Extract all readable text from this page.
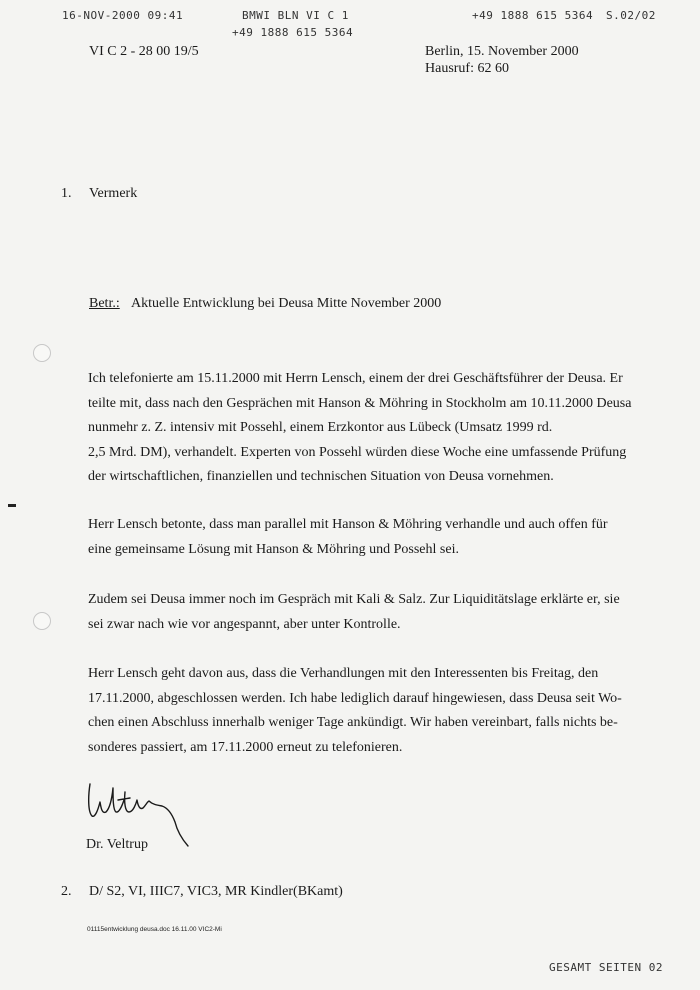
16-NOV-2000 09:41	BMWI BLN VI C 1	+49 1888 615 5364 S.02/02
+49 1888 615 5364
VI C 2 - 28 00 19/5	Berlin, 15. November 2000
Hausruf: 62 60
1. Vermerk
Betr.: Aktuelle Entwicklung bei Deusa Mitte November 2000
Ich telefonierte am 15.11.2000 mit Herrn Lensch, einem der drei Geschäftsführer der Deusa. Er
teilte mit, dass nach den Gesprächen mit Hanson & Möhring in Stockholm am 10.11.2000 Deusa
nunmehr z. Z. intensiv mit Possehl, einem Erzkontor aus Lübeck (Umsatz 1999 rd.
2,5 Mrd. DM), verhandelt. Experten von Possehl würden diese Woche eine umfassende Prüfung
der wirtschaftlichen, finanziellen und technischen Situation von Deusa vornehmen.
Herr Lensch betonte, dass man parallel mit Hanson & Möhring verhandle und auch offen für
eine gemeinsame Lösung mit Hanson & Möhring und Possehl sei.
Zudem sei Deusa immer noch im Gespräch mit Kali & Salz. Zur Liquiditätslage erklärte er, sie
sei zwar nach wie vor angespannt, aber unter Kontrolle.
Herr Lensch geht davon aus, dass die Verhandlungen mit den Interessenten bis Freitag, den
17.11.2000, abgeschlossen werden. Ich habe lediglich darauf hingewiesen, dass Deusa seit Wo-
chen einen Abschluss innerhalb weniger Tage ankündigt. Wir haben vereinbart, falls nichts be-
sonderes passiert, am 17.11.2000 erneut zu telefonieren.
Dr. Veltrup
2. D/ S2, VI, IIIC7, VIC3, MR Kindler(BKamt)
01115entwicklung deusa.doc 16.11.00 VIC2-Mi
GESAMT SEITEN 02
